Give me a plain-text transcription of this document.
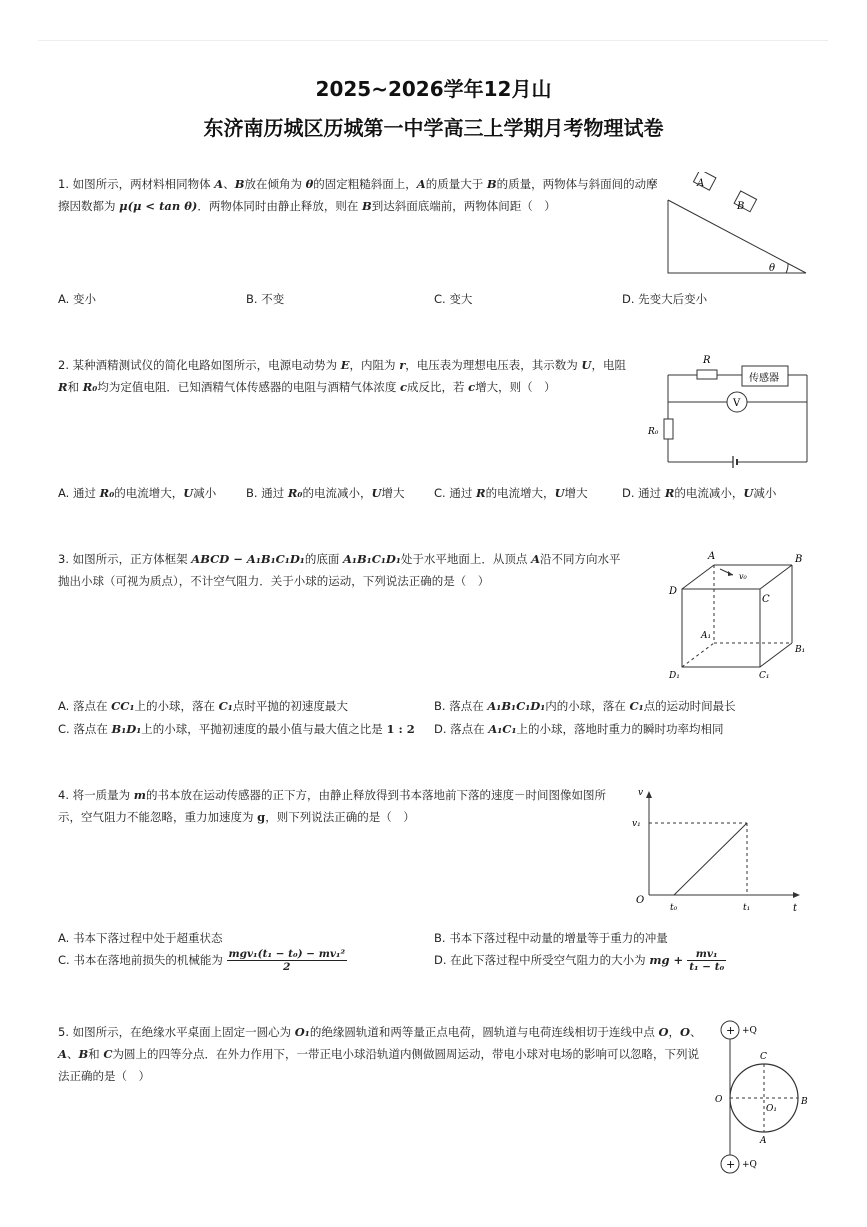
2025~2026学年12月山
东济南历城区历城第一中学高三上学期月考物理试卷
1. 如图所示，两材料相同物体 A、B放在倾角为 θ的固定粗糙斜面上，A的质量大于 B的质量，两物体与斜面间的动摩擦因数都为 μ(μ < tan θ)．两物体同时由静止释放，则在 B到达斜面底端前，两物体间距（　）
A
B
θ
A. 变小	B. 不变	C. 变大	D. 先变大后变小
2. 某种酒精测试仪的简化电路如图所示，电源电动势为 E，内阻为 r，电压表为理想电压表，其示数为 U，电阻 R和 R₀均为定值电阻．已知酒精气体传感器的电阻与酒精气体浓度 c成反比，若 c增大，则（　）
R
传感器
V
R₀
A. 通过 R₀的电流增大，U减小	B. 通过 R₀的电流减小，U增大	C. 通过 R的电流增大，U增大	D. 通过 R的电流减小，U减小
3. 如图所示，正方体框架 ABCD − A₁B₁C₁D₁的底面 A₁B₁C₁D₁处于水平地面上．从顶点 A沿不同方向水平抛出小球（可视为质点），不计空气阻力．关于小球的运动，下列说法正确的是（　）
A	B
C
D
A₁
B₁
C₁
D₁
v₀
A. 落点在 CC₁上的小球，落在 C₁点时平抛的初速度最大	B. 落点在 A₁B₁C₁D₁内的小球，落在 C₁点的运动时间最长
C. 落点在 B₁D₁上的小球，平抛初速度的最小值与最大值之比是 1 : 2 D. 落点在 A₁C₁上的小球，落地时重力的瞬时功率均相同
4. 将一质量为 m的书本放在运动传感器的正下方，由静止释放得到书本落地前下落的速度－时间图像如图所示，空气阻力不能忽略，重力加速度为 g，则下列说法正确的是（　）
v
v₁
O
t₀	t₁	t
A. 书本下落过程中处于超重状态	B. 书本下落过程中动量的增量等于重力的冲量
C. 书本在落地前损失的机械能为 $\frac{\text{mgv₁(t₁ − t₀) − mv₁²}}{2}$	D. 在此下落过程中所受空气阻力的大小为 mg + $\frac{\text{mv₁}}{\text{t₁ − t₀}}$
5. 如图所示，在绝缘水平桌面上固定一圆心为 O₁的绝缘圆轨道和两等量正点电荷，圆轨道与电荷连线相切于连线中点 O，O、A、B和 C为圆上的四等分点．在外力作用下，一带正电小球沿轨道内侧做圆周运动，带电小球对电场的影响可以忽略，下列说法正确的是（　）
+
+
+Q
+Q
C
O
O₁
B
A
